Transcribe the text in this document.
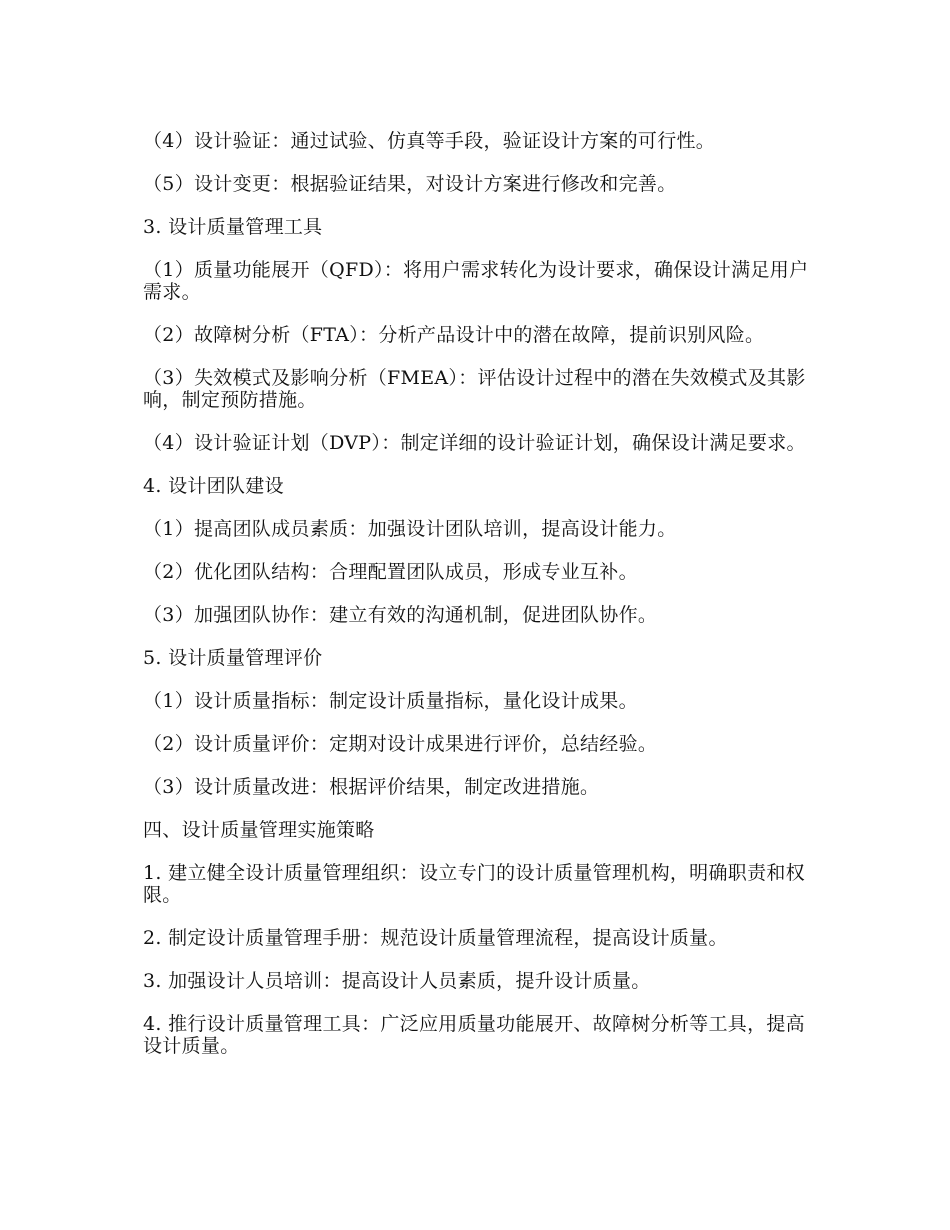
（4）设计验证：通过试验、仿真等手段，验证设计方案的可行性。

（5）设计变更：根据验证结果，对设计方案进行修改和完善。

3. 设计质量管理工具

（1）质量功能展开（QFD）：将用户需求转化为设计要求，确保设计满足用户需求。

（2）故障树分析（FTA）：分析产品设计中的潜在故障，提前识别风险。

（3）失效模式及影响分析（FMEA）：评估设计过程中的潜在失效模式及其影响，制定预防措施。

（4）设计验证计划（DVP）：制定详细的设计验证计划，确保设计满足要求。

4. 设计团队建设

（1）提高团队成员素质：加强设计团队培训，提高设计能力。

（2）优化团队结构：合理配置团队成员，形成专业互补。

（3）加强团队协作：建立有效的沟通机制，促进团队协作。

5. 设计质量管理评价

（1）设计质量指标：制定设计质量指标，量化设计成果。

（2）设计质量评价：定期对设计成果进行评价，总结经验。

（3）设计质量改进：根据评价结果，制定改进措施。

四、设计质量管理实施策略

1. 建立健全设计质量管理组织：设立专门的设计质量管理机构，明确职责和权限。

2. 制定设计质量管理手册：规范设计质量管理流程，提高设计质量。

3. 加强设计人员培训：提高设计人员素质，提升设计质量。

4. 推行设计质量管理工具：广泛应用质量功能展开、故障树分析等工具，提高设计质量。
